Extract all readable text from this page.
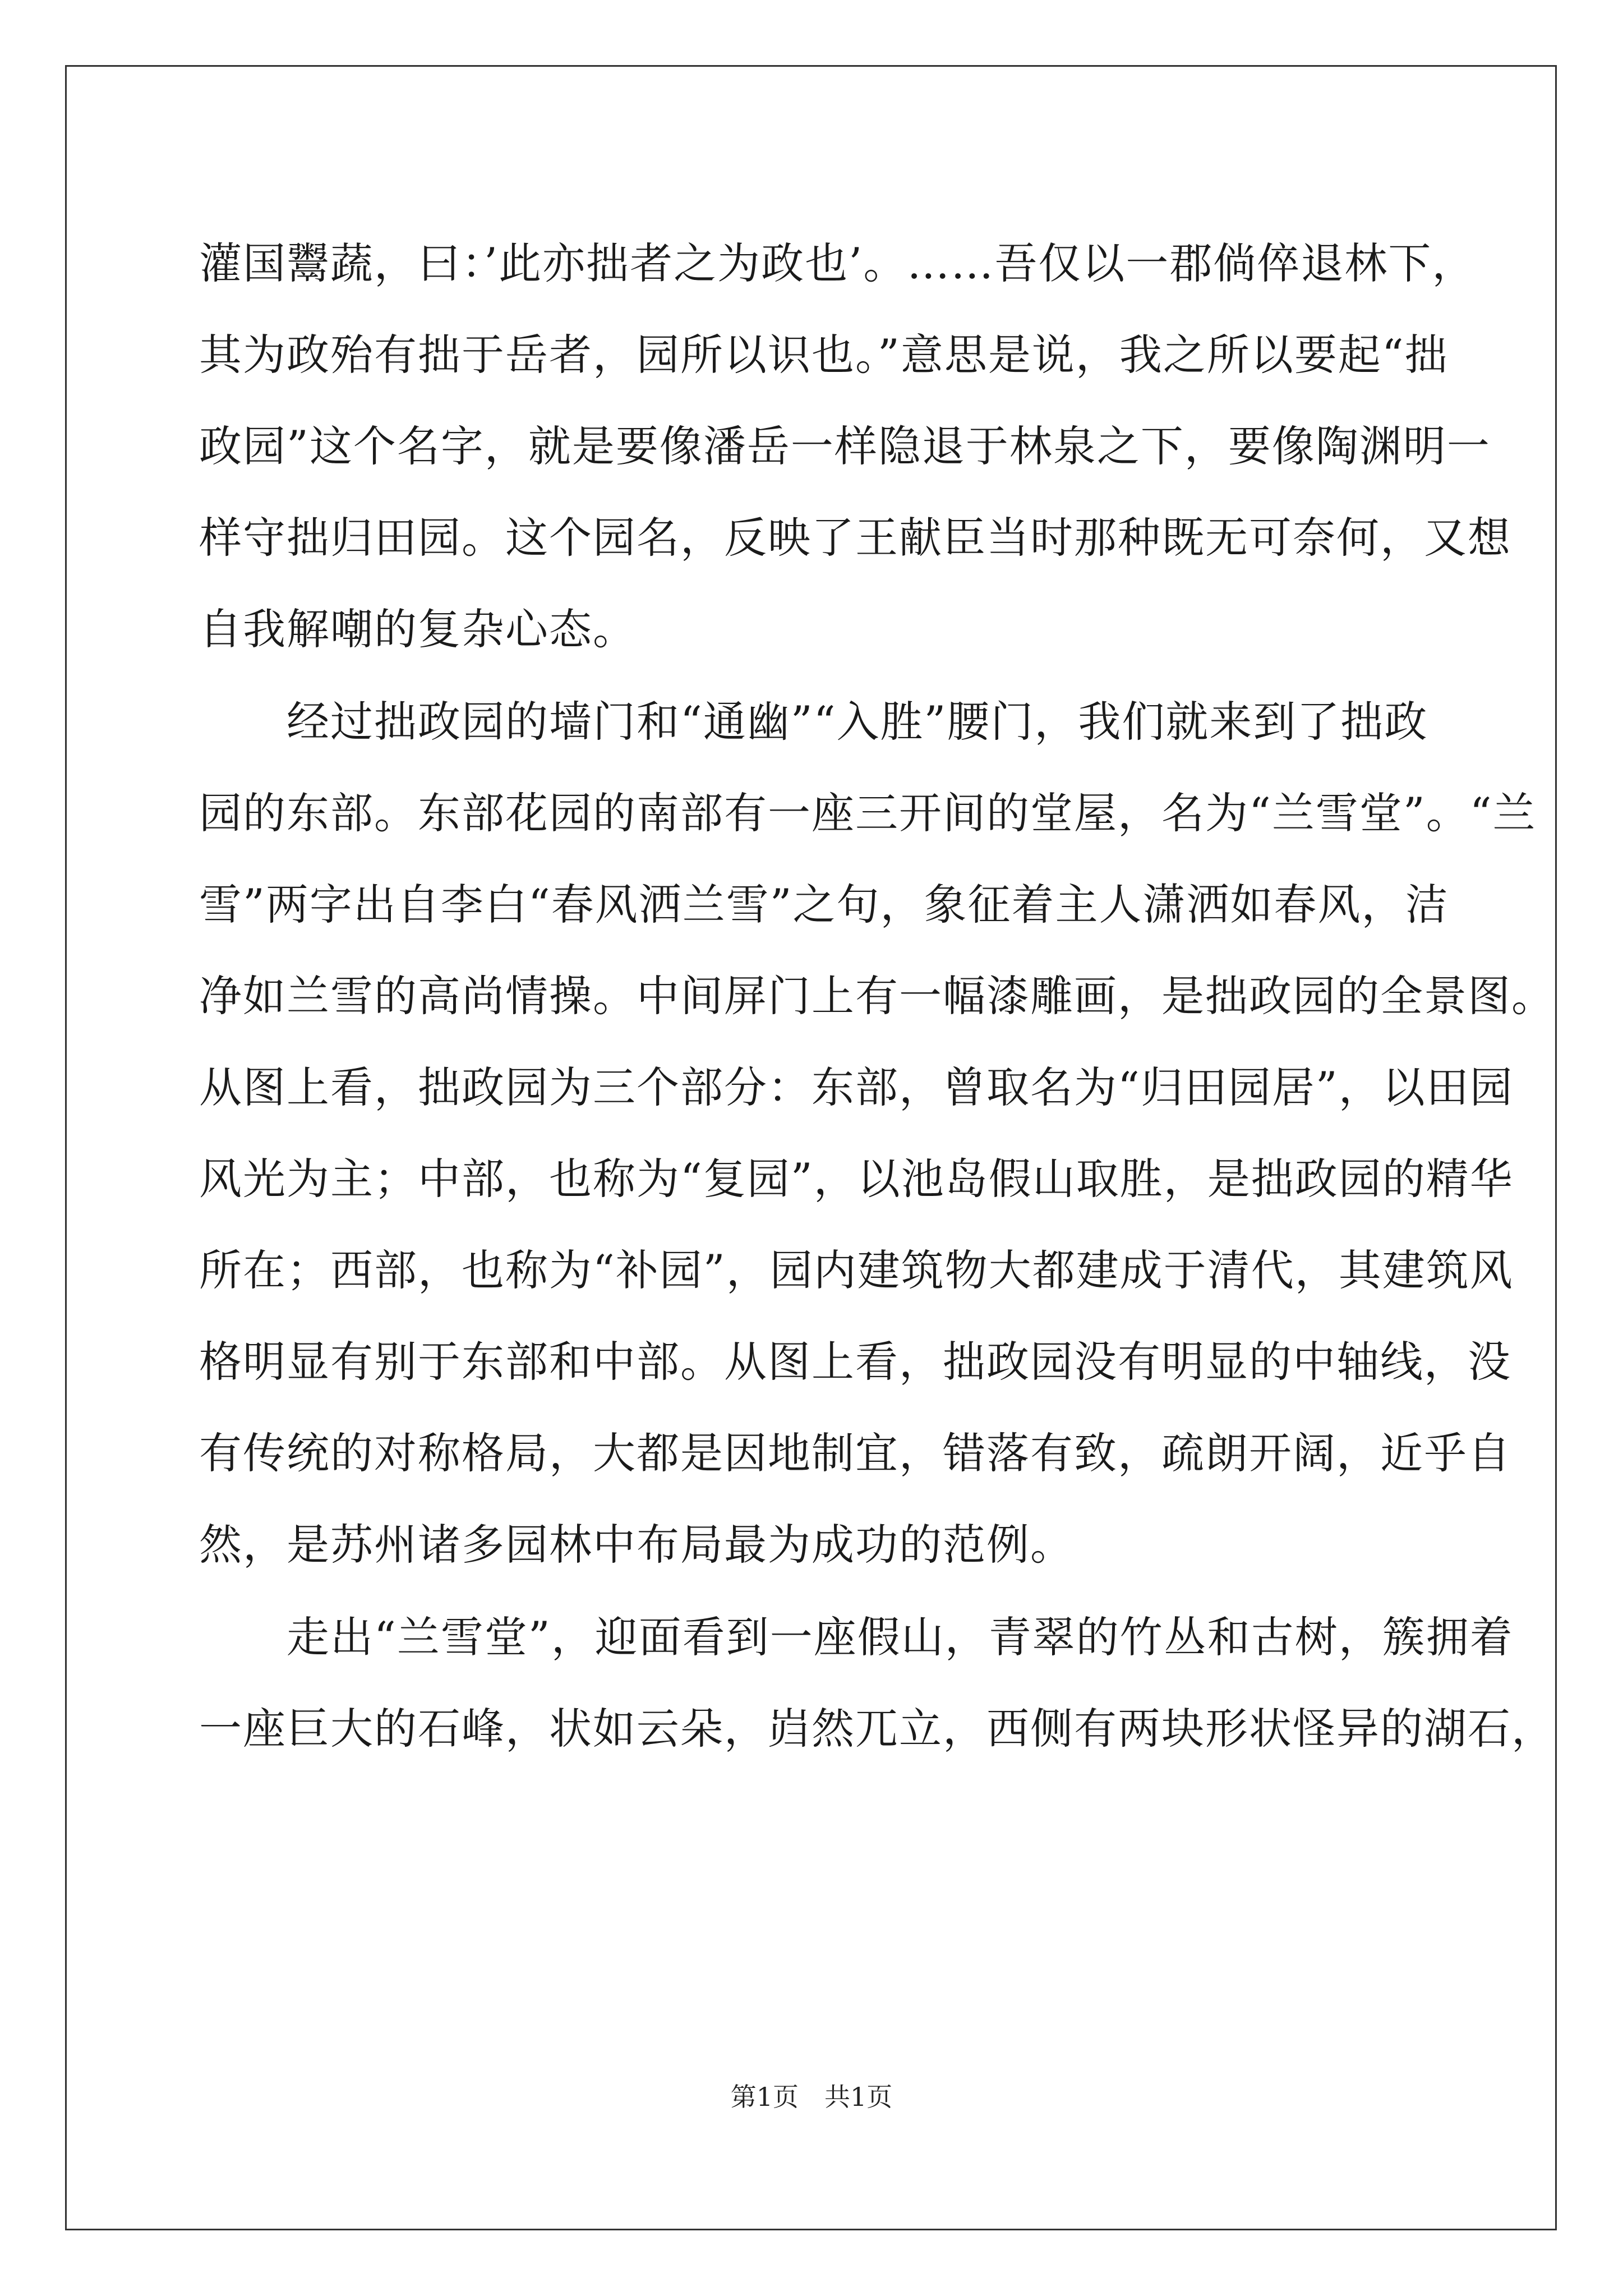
灌国鬻蔬，曰：’此亦拙者之为政也’。……吾仅以一郡倘倅退林下，
其为政殆有拙于岳者，园所以识也。”意思是说，我之所以要起“拙
政园”这个名字，就是要像潘岳一样隐退于林泉之下，要像陶渊明一
样守拙归田园。这个园名，反映了王献臣当时那种既无可奈何，又想
自我解嘲的复杂心态。
　　经过拙政园的墙门和“通幽”“入胜”腰门，我们就来到了拙政
园的东部。东部花园的南部有一座三开间的堂屋，名为“兰雪堂”。“兰
雪”两字出自李白“春风洒兰雪”之句，象征着主人潇洒如春风，洁
净如兰雪的高尚情操。中间屏门上有一幅漆雕画，是拙政园的全景图。
从图上看，拙政园为三个部分：东部，曾取名为“归田园居”，以田园
风光为主；中部，也称为“复园”，以池岛假山取胜，是拙政园的精华
所在；西部，也称为“补园”，园内建筑物大都建成于清代，其建筑风
格明显有别于东部和中部。从图上看，拙政园没有明显的中轴线，没
有传统的对称格局，大都是因地制宜，错落有致，疏朗开阔，近乎自
然，是苏州诸多园林中布局最为成功的范例。
　　走出“兰雪堂”，迎面看到一座假山，青翠的竹丛和古树，簇拥着
一座巨大的石峰，状如云朵，岿然兀立，西侧有两块形状怪异的湖石，
第1页　共1页
